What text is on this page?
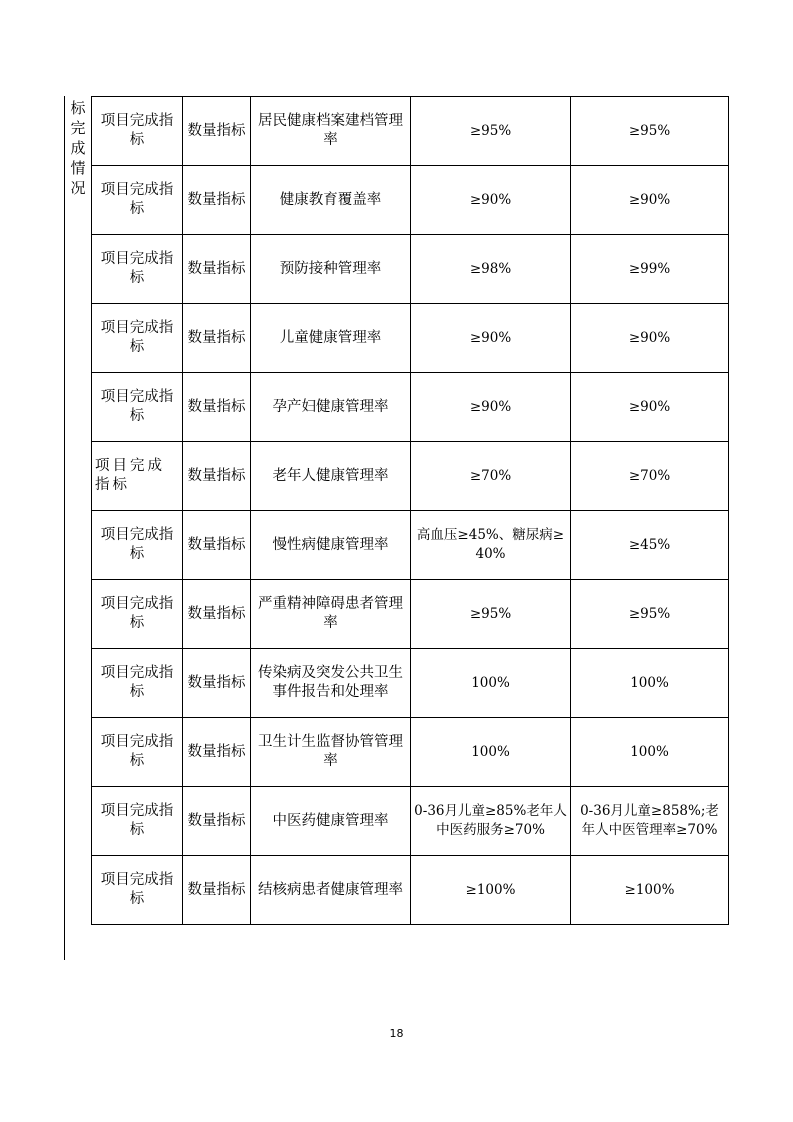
标
完
成
情
况
项目完成指标	数量指标	居民健康档案建档管理率	≥95%	≥95%
项目完成指标	数量指标	健康教育覆盖率	≥90%	≥90%
项目完成指标	数量指标	预防接种管理率	≥98%	≥99%
项目完成指标	数量指标	儿童健康管理率	≥90%	≥90%
项目完成指标	数量指标	孕产妇健康管理率	≥90%	≥90%
项目完成指标	数量指标	老年人健康管理率	≥70%	≥70%
项目完成指标	数量指标	慢性病健康管理率	高血压≥45%、糖尿病≥40%	≥45%
项目完成指标	数量指标	严重精神障碍患者管理率	≥95%	≥95%
项目完成指标	数量指标	传染病及突发公共卫生事件报告和处理率	100%	100%
项目完成指标	数量指标	卫生计生监督协管管理率	100%	100%
项目完成指标	数量指标	中医药健康管理率	0-36月儿童≥85%老年人中医药服务≥70%	0-36月儿童≥858%;老年人中医管理率≥70%
项目完成指标	数量指标	结核病患者健康管理率	≥100%	≥100%
18
